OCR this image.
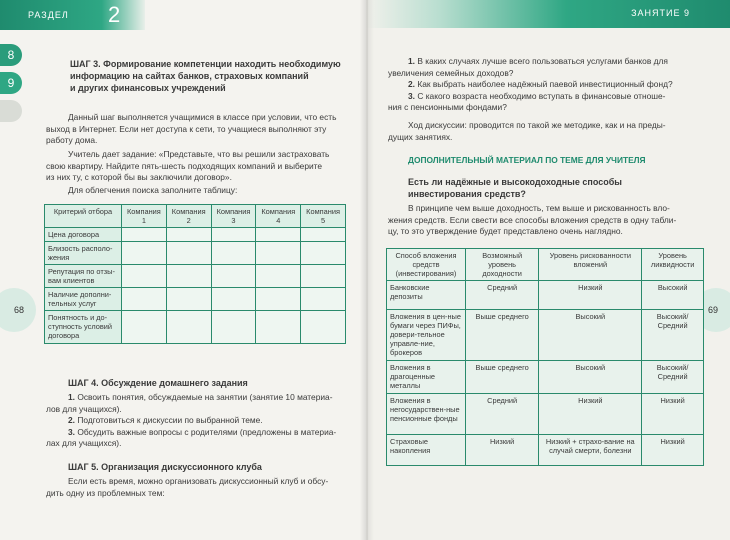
РАЗДЕЛ 2
8
9
68
ШАГ 3. Формирование компетенции находить необходимую
информацию на сайтах банков, страховых компаний
и других финансовых учреждений
Данный шаг выполняется учащимися в классе при условии, что есть
выход в Интернет. Если нет доступа к сети, то учащиеся выполняют эту
работу дома.
Учитель дает задание: «Представьте, что вы решили застраховать
свою квартиру. Найдите пять-шесть подходящих компаний и выберите
из них ту, с которой бы вы заключили договор».
Для облегчения поиска заполните таблицу:
Критерий отбора	Компания 1	Компания 2	Компания 3	Компания 4	Компания 5
Цена договора					
Близость располо-жения					
Репутация по отзы-вам клиентов					
Наличие дополни-тельных услуг					
Понятность и до-ступность условий договора					
ШАГ 4. Обсуждение домашнего задания
1. Освоить понятия, обсуждаемые на занятии (занятие 10 материа-
лов для учащихся).
2. Подготовиться к дискуссии по выбранной теме.
3. Обсудить важные вопросы с родителями (предложены в материа-
лах для учащихся).
ШАГ 5. Организация дискуссионного клуба
Если есть время, можно организовать дискуссионный клуб и обсу-
дить одну из проблемных тем:
ЗАНЯТИЕ 9
69
1. В каких случаях лучше всего пользоваться услугами банков для
увеличения семейных доходов?
2. Как выбрать наиболее надёжный паевой инвестиционный фонд?
3. С какого возраста необходимо вступать в финансовые отноше-
ния с пенсионными фондами?
Ход дискуссии: проводится по такой же методике, как и на преды-
дущих занятиях.
ДОПОЛНИТЕЛЬНЫЙ МАТЕРИАЛ ПО ТЕМЕ ДЛЯ УЧИТЕЛЯ
Есть ли надёжные и высокодоходные способы
инвестирования средств?
В принципе чем выше доходность, тем выше и рискованность вло-
жения средств. Если свести все способы вложения средств в одну табли-
цу, то это утверждение будет представлено очень наглядно.
Способ вложения средств (инвестирования)	Возможный уровень доходности	Уровень рискованности вложений	Уровень ликвидности
Банковские депозиты	Средний	Низкий	Высокий
Вложения в цен-ные бумаги через ПИФы, довери-тельное управле-ние, брокеров	Выше среднего	Высокий	Высокий/ Средний
Вложения в драгоценные металлы	Выше среднего	Высокий	Высокий/ Средний
Вложения в негосударствен-ные пенсионные фонды	Средний	Низкий	Низкий
Страховые накопления	Низкий	Низкий + страхо-вание на случай смерти, болезни	Низкий
